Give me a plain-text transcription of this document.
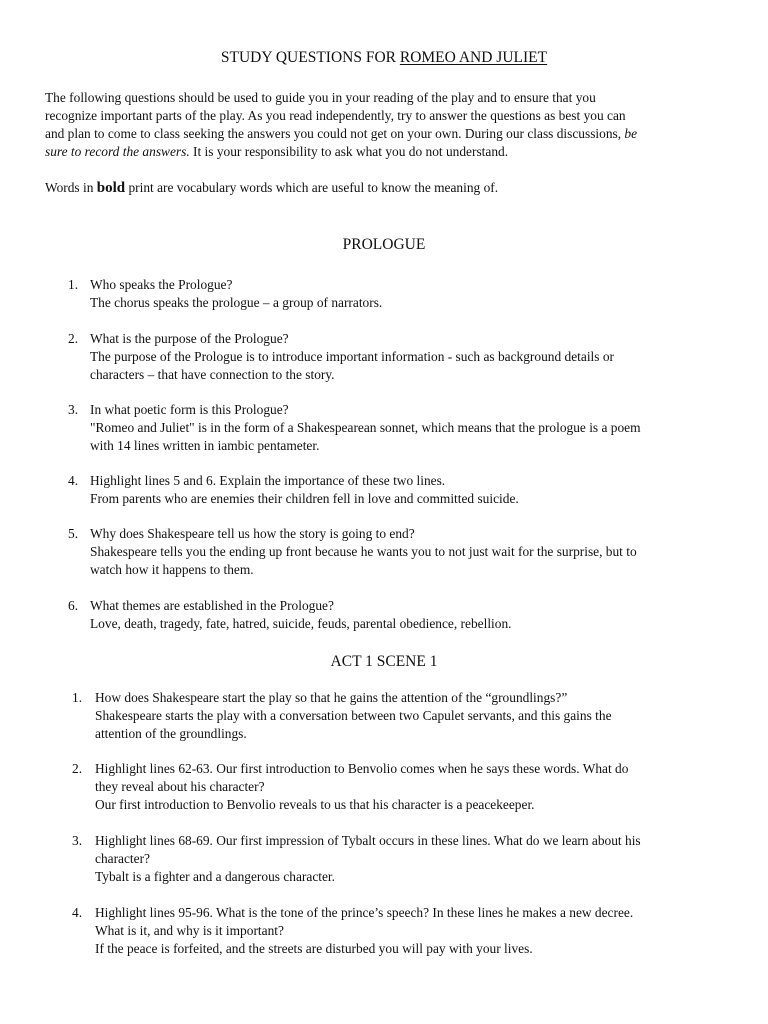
STUDY QUESTIONS FOR ROMEO AND JULIET
The following questions should be used to guide you in your reading of the play and to ensure that you
recognize important parts of the play. As you read independently, try to answer the questions as best you can
and plan to come to class seeking the answers you could not get on your own. During our class discussions, be
sure to record the answers. It is your responsibility to ask what you do not understand.
Words in bold print are vocabulary words which are useful to know the meaning of.
PROLOGUE
1. Who speaks the Prologue?
The chorus speaks the prologue – a group of narrators.
2. What is the purpose of the Prologue?
The purpose of the Prologue is to introduce important information - such as background details or
characters – that have connection to the story.
3. In what poetic form is this Prologue?
"Romeo and Juliet" is in the form of a Shakespearean sonnet, which means that the prologue is a poem
with 14 lines written in iambic pentameter.
4. Highlight lines 5 and 6. Explain the importance of these two lines.
From parents who are enemies their children fell in love and committed suicide.
5. Why does Shakespeare tell us how the story is going to end?
Shakespeare tells you the ending up front because he wants you to not just wait for the surprise, but to
watch how it happens to them.
6. What themes are established in the Prologue?
Love, death, tragedy, fate, hatred, suicide, feuds, parental obedience, rebellion.
ACT 1 SCENE 1
1. How does Shakespeare start the play so that he gains the attention of the “groundlings?”
Shakespeare starts the play with a conversation between two Capulet servants, and this gains the
attention of the groundlings.
2. Highlight lines 62-63. Our first introduction to Benvolio comes when he says these words. What do
they reveal about his character?
Our first introduction to Benvolio reveals to us that his character is a peacekeeper.
3. Highlight lines 68-69. Our first impression of Tybalt occurs in these lines. What do we learn about his
character?
Tybalt is a fighter and a dangerous character.
4. Highlight lines 95-96. What is the tone of the prince’s speech? In these lines he makes a new decree.
What is it, and why is it important?
If the peace is forfeited, and the streets are disturbed you will pay with your lives.
